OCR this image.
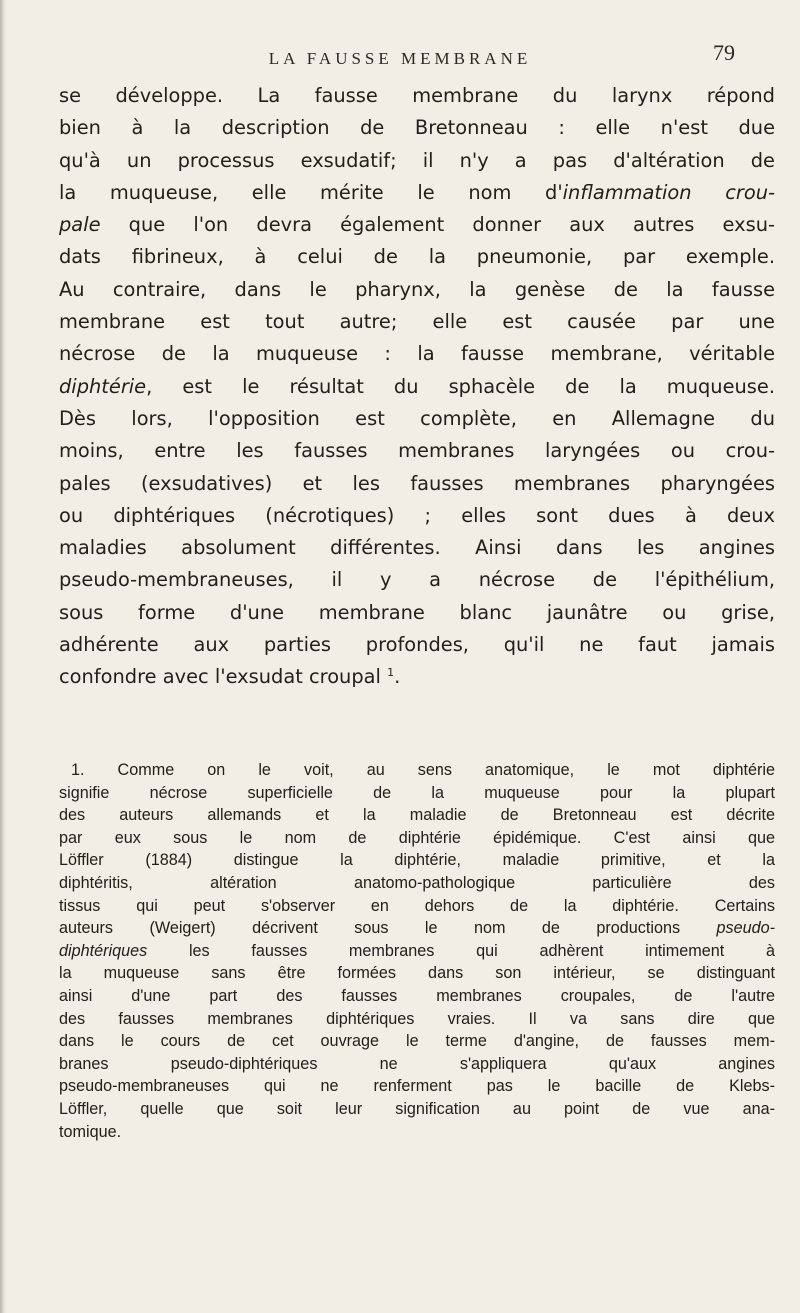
LA FAUSSE MEMBRANE	79
se développe. La fausse membrane du larynx répond
bien à la description de Bretonneau : elle n'est due
qu'à un processus exsudatif; il n'y a pas d'altération de
la muqueuse, elle mérite le nom d'inflammation crou-
pale que l'on devra également donner aux autres exsu-
dats fibrineux, à celui de la pneumonie, par exemple.
Au contraire, dans le pharynx, la genèse de la fausse
membrane est tout autre; elle est causée par une
nécrose de la muqueuse : la fausse membrane, véritable
diphtérie, est le résultat du sphacèle de la muqueuse.
Dès lors, l'opposition est complète, en Allemagne du
moins, entre les fausses membranes laryngées ou crou-
pales (exsudatives) et les fausses membranes pharyngées
ou diphtériques (nécrotiques) ; elles sont dues à deux
maladies absolument différentes. Ainsi dans les angines
pseudo-membraneuses, il y a nécrose de l'épithélium,
sous forme d'une membrane blanc jaunâtre ou grise,
adhérente aux parties profondes, qu'il ne faut jamais
confondre avec l'exsudat croupal $^1$.
1. Comme on le voit, au sens anatomique, le mot diphtérie
signifie nécrose superficielle de la muqueuse pour la plupart
des auteurs allemands et la maladie de Bretonneau est décrite
par eux sous le nom de diphtérie épidémique. C'est ainsi que
Löffler (1884) distingue la diphtérie, maladie primitive, et la
diphtéritis, altération anatomo-pathologique particulière des
tissus qui peut s'observer en dehors de la diphtérie. Certains
auteurs (Weigert) décrivent sous le nom de productions pseudo-
diphtériques les fausses membranes qui adhèrent intimement à
la muqueuse sans être formées dans son intérieur, se distinguant
ainsi d'une part des fausses membranes croupales, de l'autre
des fausses membranes diphtériques vraies. Il va sans dire que
dans le cours de cet ouvrage le terme d'angine, de fausses mem-
branes pseudo-diphtériques ne s'appliquera qu'aux angines
pseudo-membraneuses qui ne renferment pas le bacille de Klebs-
Löffler, quelle que soit leur signification au point de vue ana-
tomique.
